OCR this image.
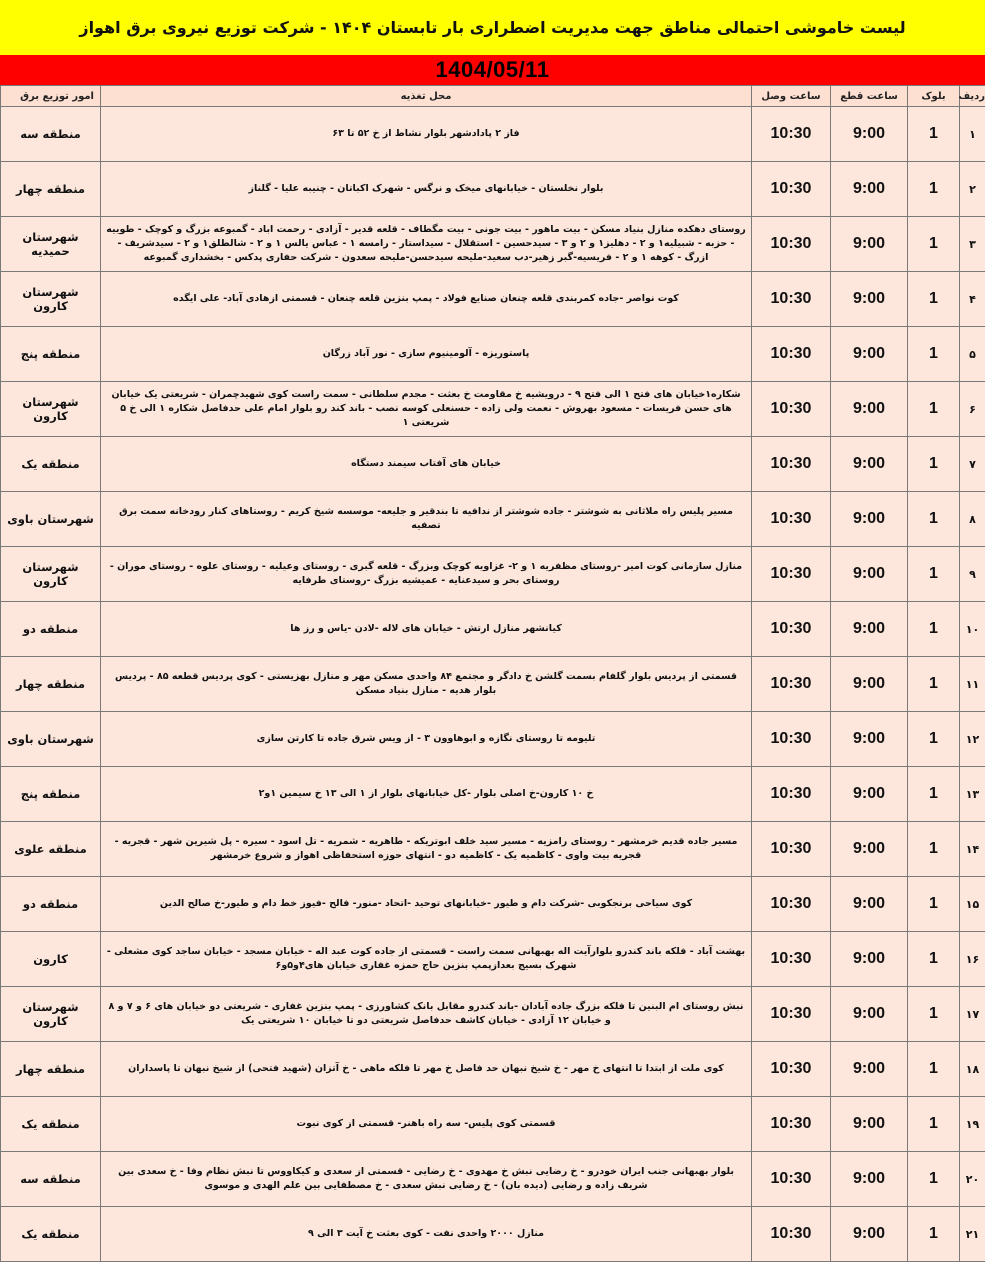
لیست خاموشی احتمالی مناطق جهت مدیریت اضطراری بار تابستان ۱۴۰۴ - شرکت توزیع نیروی برق اهواز
1404/05/11
ردیف	بلوک	ساعت قطع	ساعت وصل	محل تغذیه	امور توزیع برق
۱	1	9:00	10:30	فاز ۲ پادادشهر بلوار نشاط از خ ۵۲ تا ۶۳	منطقه سه
۲	1	9:00	10:30	بلوار نخلستان - خیابانهای میخک و نرگس - شهرک اکباتان - چنیبه علیا - گلناز	منطقه چهار
۳	1	9:00	10:30	روستای دهکده منازل بنیاد مسکن - بیت ماهور - بیت جونی - بیت مگطاف - قلعه قدیر - آزادی - رحمت اباد - گمبوعه بزرگ و کوچک - طوییه - حزبه - شبیلیه۱ و ۲ - دهلیز۱ و ۲ و ۳ - سیدحسین - استقلال - سیداستار - رامسه ۱ - عباس یالس ۱ و ۲ - شالطلق۱ و ۲ - سیدشریف - ازرگ - کوهه ۱ و ۲ - فریسیه-گبر زهیر-دب سعید-ملیحه سیدحسن-ملیحه سعدون - شرکت حفاری پدکس - بخشداری گمبوعه	شهرستان حمیدیه
۴	1	9:00	10:30	کوت نواصر -جاده کمربندی قلعه چنعان صنایع فولاد - پمپ بنزین قلعه چنعان - قسمتی ازهادی آباد- علی ایگده	شهرستان کارون
۵	1	9:00	10:30	پاستوریزه - آلومینیوم سازی - نور آباد زرگان	منطقه پنج
۶	1	9:00	10:30	شکاره۱خیابان های فتح ۱ الی فتح ۹ - درویشیه خ مقاومت خ بعثت - مجدم سلطانی - سمت راست کوی شهیدچمران - شریعتی یک خیابان های حسن فریسات - مسعود بهروش - نعمت ولی زاده - حسنعلی کوسه نصب - باند کند رو بلوار امام علی حدفاصل شکاره ۱ الی خ ۵ شریعتی ۱	شهرستان کارون
۷	1	9:00	10:30	خیابان های آفتاب سیمند دستگاه	منطقه یک
۸	1	9:00	10:30	مسیر پلیس راه ملاثانی به شوشتر - جاده شوشتر از ندافیه تا بندقیر و جلیعه- موسسه شیخ کریم - روستاهای کنار رودخانه سمت برق تصفیه	شهرستان باوی
۹	1	9:00	10:30	منازل سازمانی کوت امیر -روستای مظفریه ۱ و ۲- غزاویه کوچک وبزرگ - قلعه گبری - روستای وعیلیه - روستای علوه - روستای موران - روستای بحر و سیدعنایه - عمیشیه بزرگ -روستای طرفایه	شهرستان کارون
۱۰	1	9:00	10:30	کیانشهر منازل ارتش - خیابان های لاله -لادن -یاس و رز ها	منطقه دو
۱۱	1	9:00	10:30	قسمتی از پردیس بلوار گلفام بسمت گلشن خ دادگر و مجتمع ۸۴ واحدی مسکن مهر و منازل بهزیستی - کوی پردیس قطعه ۸۵ - پردیس بلوار هدیه - منازل بنیاد مسکن	منطقه چهار
۱۲	1	9:00	10:30	تلیومه تا روستای نگازه و ابوهاوون ۳ - از ویس شرق جاده تا کارتن سازی	شهرستان باوی
۱۳	1	9:00	10:30	خ ۱۰ کارون-خ اصلی بلوار -کل خیابانهای بلوار از ۱ الی ۱۳ خ سیمین ۱و۲	منطقه پنج
۱۴	1	9:00	10:30	مسیر جاده قدیم خرمشهر - روستای رامزیه - مسیر سید خلف ابوتریکه - طاهریه - شمریه - تل اسود - سیره - پل شیرین شهر - قجریه - قجریه بیت واوی - کاظمیه یک - کاظمیه دو - انتهای حوزه استحفاظی اهواز و شروع خرمشهر	منطقه علوی
۱۵	1	9:00	10:30	کوی سیاحی برنجکوبی -شرکت دام و طیور -خیابانهای توحید -اتحاد -منور- فالح -فیوز خط دام و طیور-خ صالح الدین	منطقه دو
۱۶	1	9:00	10:30	بهشت آباد - فلکه باند کندرو بلوارآیت اله بهبهانی سمت راست - قسمتی از جاده کوت عبد اله - خیابان مسجد - خیابان ساجد کوی مشعلی - شهرک بسیج بعدازپمپ بنزین حاج حمزه غفاری خیابان های۴و۵و۶	کارون
۱۷	1	9:00	10:30	نبش روستای ام البنین تا فلکه بزرگ جاده آبادان -باند کندرو مقابل بانک کشاورزی - پمپ بنزین غفاری - شریعتی دو خیابان های ۶ و ۷ و ۸ و خیابان ۱۲ آزادی - خیابان کاشف حدفاصل شریعتی دو تا خیابان ۱۰ شریعتی یک	شهرستان کارون
۱۸	1	9:00	10:30	کوی ملت از ابتدا تا انتهای خ مهر - خ شیخ نبهان حد فاصل خ مهر تا فلکه ماهی - خ آتزان (شهید فتحی) از شیخ نبهان تا پاسداران	منطقه چهار
۱۹	1	9:00	10:30	قسمتی کوی پلیس- سه راه باهنر- قسمتی از کوی نبوت	منطقه یک
۲۰	1	9:00	10:30	بلوار بهبهانی جنب ایران خودرو - خ رضایی نبش خ مهدوی - خ رضایی - قسمتی از سعدی و کیکاووس تا نبش نظام وفا - خ سعدی بین شریف زاده و رضایی (دیده بان) - خ رضایی نبش سعدی - خ مصطفایی بین علم الهدی و موسوی	منطقه سه
۲۱	1	9:00	10:30	منازل ۲۰۰۰ واحدی نفت - کوی بعثت خ آیت ۳ الی ۹	منطقه یک
